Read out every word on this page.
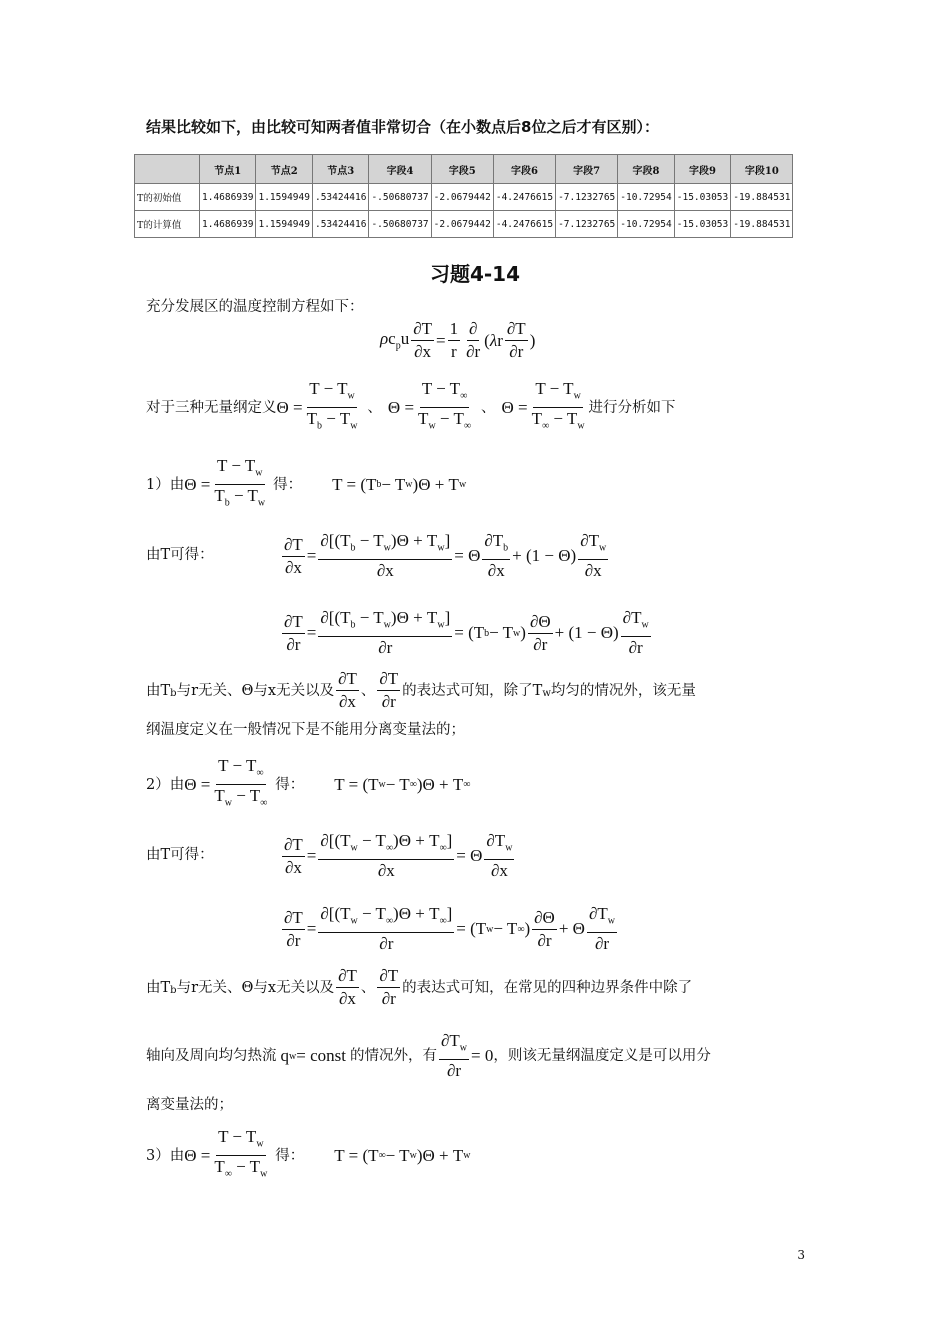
结果比较如下，由比较可知两者值非常切合（在小数点后8位之后才有区别）：
	节点1	节点2	节点3	字段4	字段5	字段6	字段7	字段8	字段9	字段10
T的初始值	1.4686939	1.1594949	.53424416	-.50680737	-2.0679442	-4.2476615	-7.1232765	-10.72954	-15.03053	-19.884531
T的计算值	1.4686939	1.1594949	.53424416	-.50680737	-2.0679442	-4.2476615	-7.1232765	-10.72954	-15.03053	-19.884531
习题4-14
充分发展区的温度控制方程如下：
$\rho c_pu \frac{\partial T}{\partial x} = \frac{1}{r} \frac{\partial}{\partial r} (\lambda r \frac{\partial T}{\partial r}$ )
对于三种无量纲定义 $\Theta = \frac{T - T_w}{T_b - T_w}$ 、 $\Theta = \frac{T - T_\infty}{T_w - T_\infty}$ 、 $\Theta = \frac{T - T_w}{T_\infty - T_w}$ 进行分析如下
1）由 $\Theta = \frac{T - T_w}{T_b - T_w}$ 得： T = (T b − T w )Θ + T w
由T可得：	$\frac{\partial T}{\partial x} = \frac{\partial[(T_b - T_w)\Theta + T_w]}{\partial x} = \Theta \frac{\partial T_b}{\partial x} + (1 - \Theta) \frac{\partial T_w}{\partial x}$
$\frac{\partial T}{\partial r} = \frac{\partial[(T_b - T_w)\Theta + T_w]}{\partial r} = (T$ b − T w ) $\frac{\partial\Theta}{\partial r} + (1 - \Theta) \frac{\partial T_w}{\partial r}$
由T $_b$ 与r无关、Θ与x无关以及 $\frac{\partial T}{\partial x}$ 、 $\frac{\partial T}{\partial r}$ 的表达式可知，除了T $_w$ 均匀的情况外，该无量
纲温度定义在一般情况下是不能用分离变量法的；
2）由 $\Theta = \frac{T - T_\infty}{T_w - T_\infty}$ 得： T = (T w − T ∞ )Θ + T ∞
由T可得：	$\frac{\partial T}{\partial x} = \frac{\partial[(T_w - T_\infty)\Theta + T_\infty]}{\partial x} = \Theta \frac{\partial T_w}{\partial x}$
$\frac{\partial T}{\partial r} = \frac{\partial[(T_w - T_\infty)\Theta + T_\infty]}{\partial r} = (T$ w − T ∞ ) $\frac{\partial\Theta}{\partial r} + \Theta \frac{\partial T_w}{\partial r}$
由T $_b$ 与r无关、Θ与x无关以及 $\frac{\partial T}{\partial x}$ 、 $\frac{\partial T}{\partial r}$ 的表达式可知，在常见的四种边界条件中除了
轴向及周向均匀热流 q w = const 的情况外，有 $\frac{\partial T_w}{\partial r} = 0$ ，则该无量纲温度定义是可以用分
离变量法的；
3）由 $\Theta = \frac{T - T_w}{T_\infty - T_w}$ 得： T = (T ∞ − T w )Θ + T w
3
